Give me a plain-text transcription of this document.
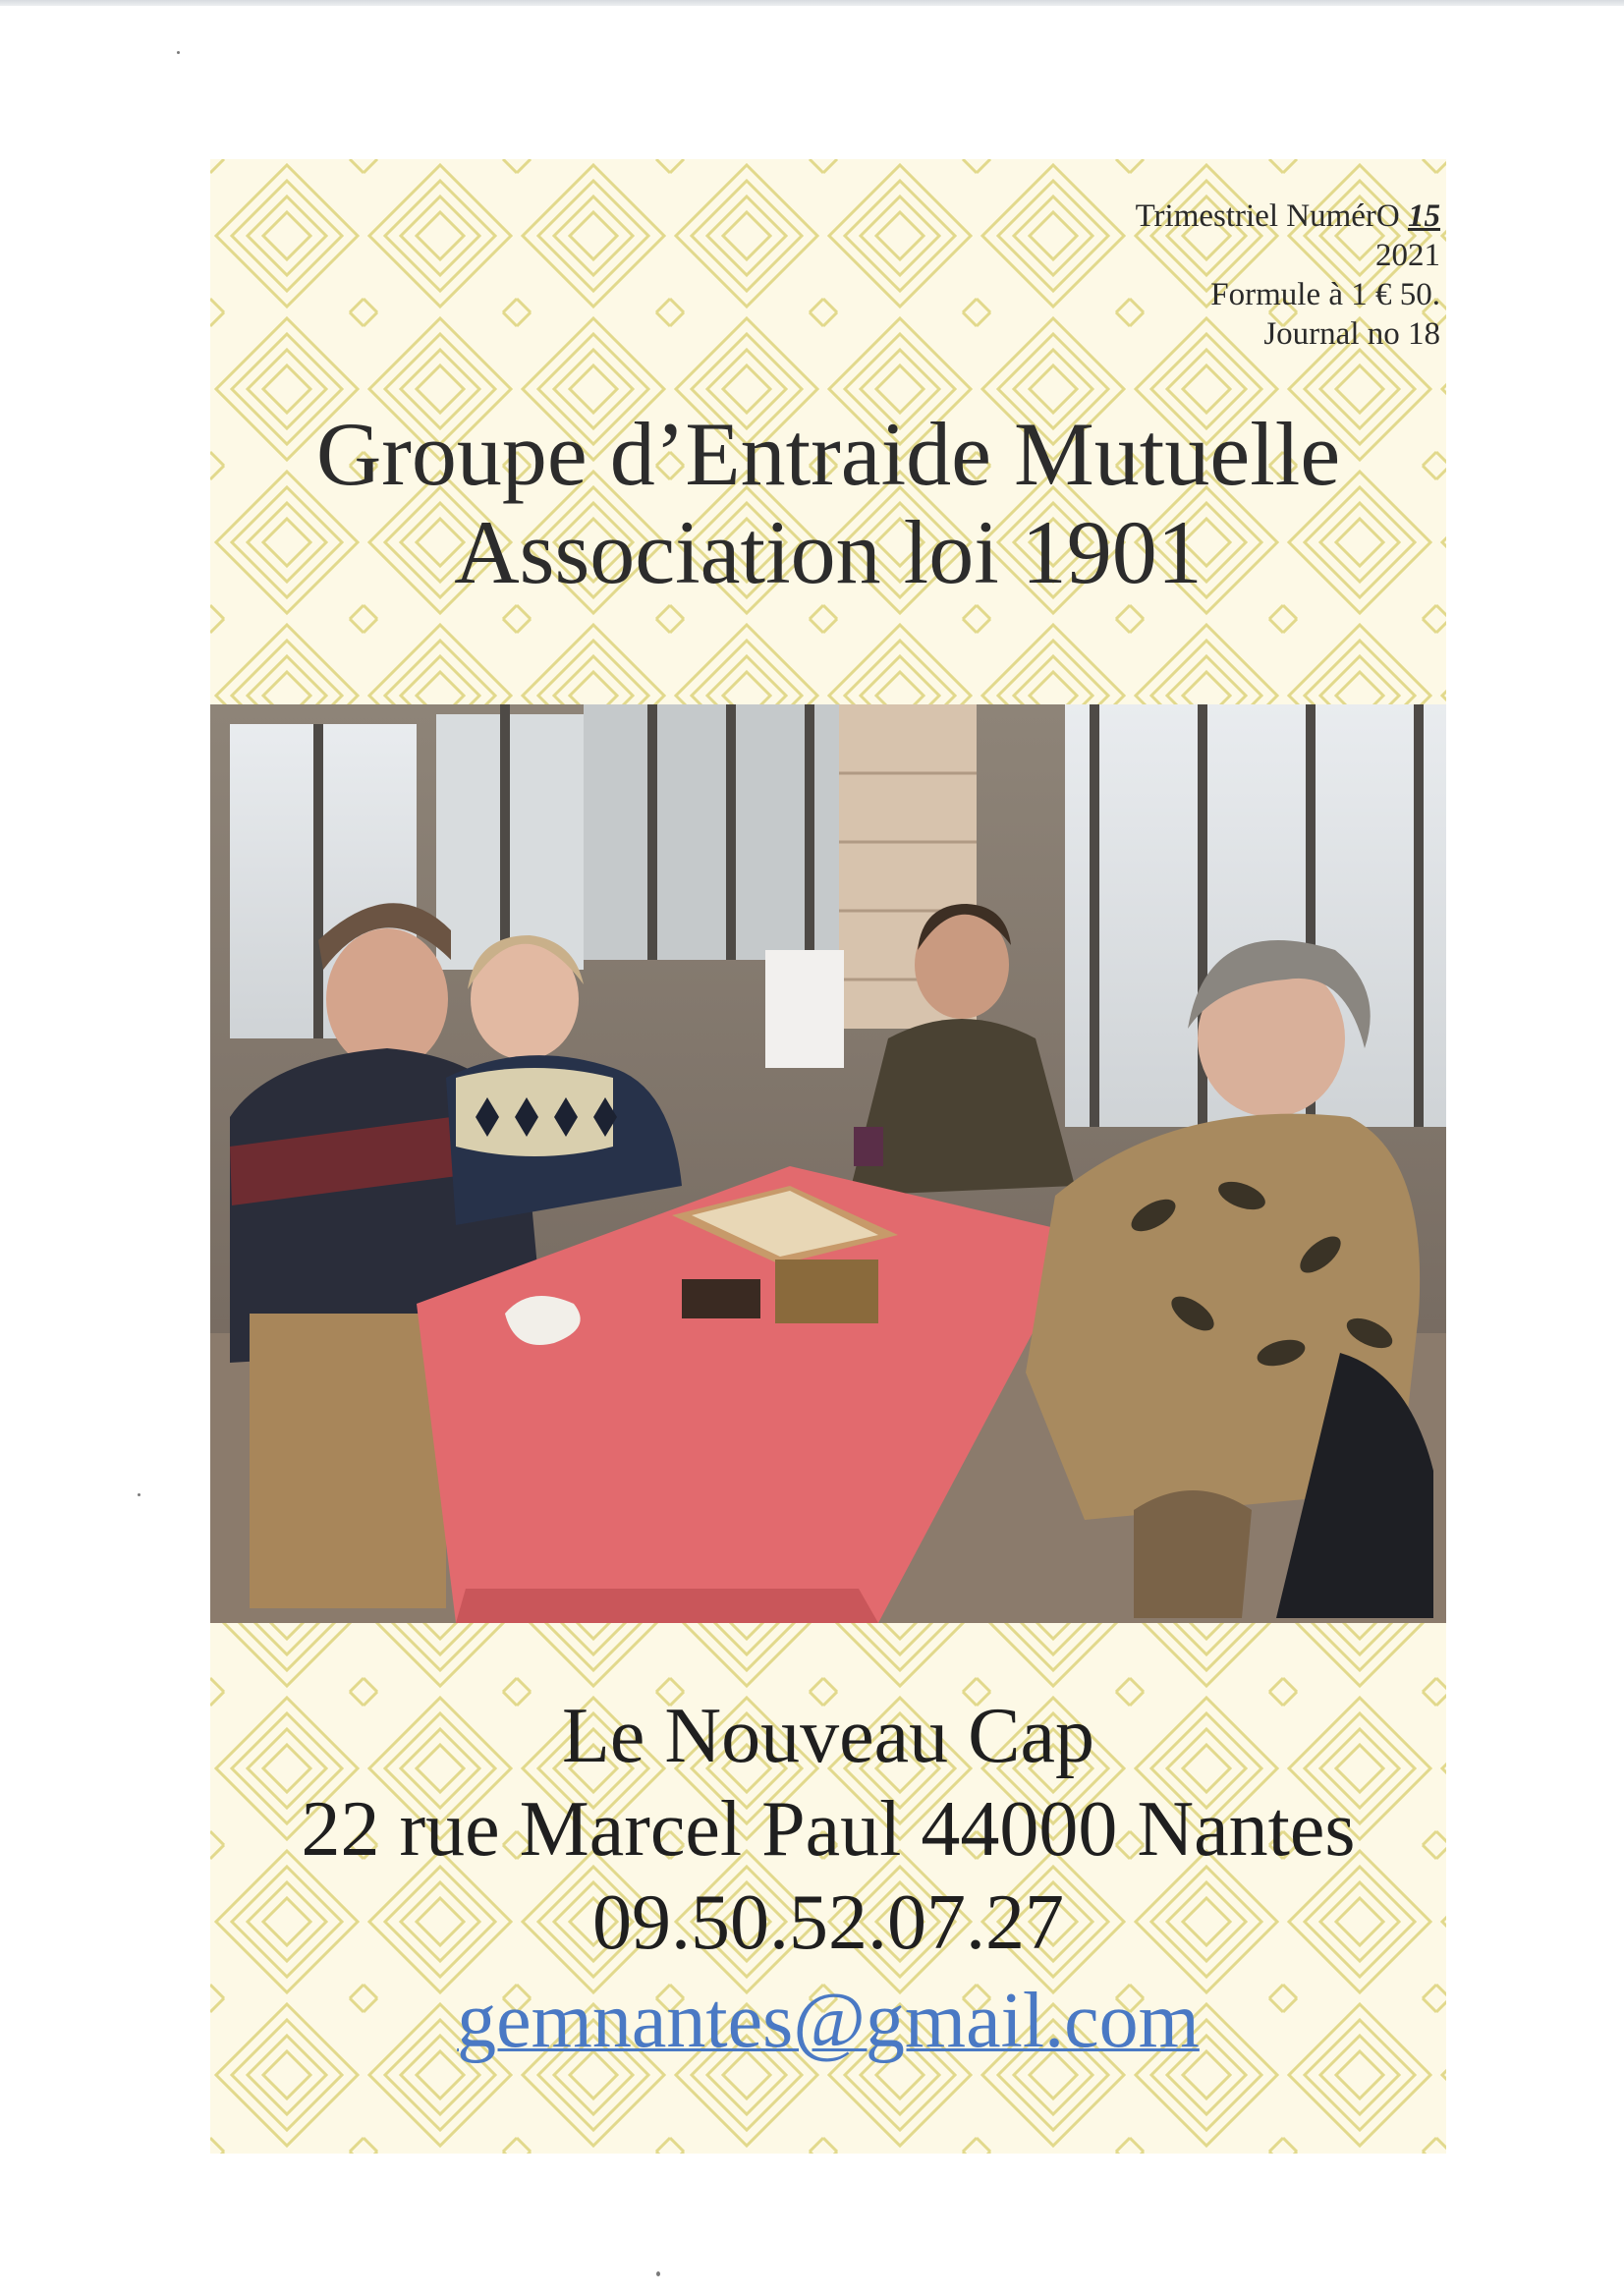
Trimestriel NumérO 15
2021
Formule à 1 € 50.
Journal no 18
Groupe d’Entraide Mutuelle
Association loi 1901
Le Nouveau Cap
22 rue Marcel Paul 44000 Nantes
09.50.52.07.27
gemnantes@gmail.com
